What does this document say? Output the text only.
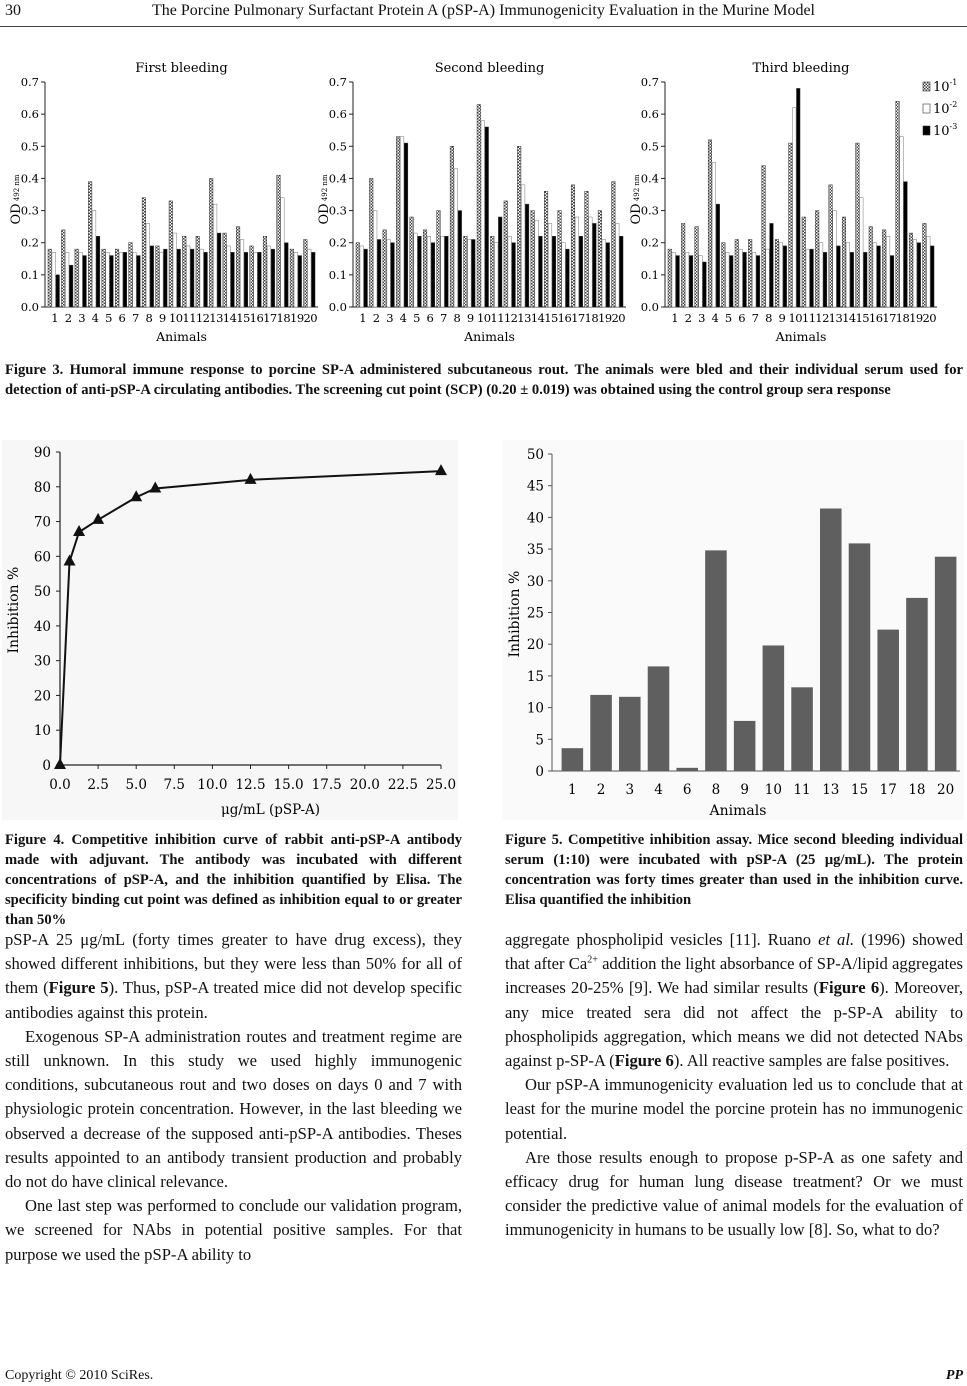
30	The Porcine Pulmonary Surfactant Protein A (pSP-A) Immunogenicity Evaluation in the Murine Model
First bleeding
0.0
0.1
0.2
0.3
0.4
0.5
0.6
0.7
OD 492 nm
1 2 3 4 5 6 7 8 9 10 11 12 13 14 15 16 17 18 19 20
Animals
Second bleeding
0.0
0.1
0.2
0.3
0.4
0.5
0.6
0.7
OD 492 nm
1 2 3 4 5 6 7 8 9 10 11 12 13 14 15 16 17 18 19 20
Animals
Third bleeding
0.0
0.1
0.2
0.3
0.4
0.5
0.6
0.7
OD 492 nm
1 2 3 4 5 6 7 8 9 10 11 12 13 14 15 16 17 18 19 20
Animals
$10^{-1}$
$10^{-2}$
$10^{-3}$
Figure 3. Humoral immune response to porcine SP-A administered subcutaneous rout. The animals were bled and their individual serum used for detection of anti-pSP-A circulating antibodies. The screening cut point (SCP) (0.20 ± 0.019) was obtained using the control group sera response
0
10
20
30
40
50
60
70
80
90
0.0 2.5 5.0 7.5 10.0 12.5 15.0 17.5 20.0 22.5 25.0
μg/mL (pSP-A)
Inhibition %
Figure 4. Competitive inhibition curve of rabbit anti-pSP-A antibody made with adjuvant. The antibody was incubated with different concentrations of pSP-A, and the inhibition quantified by Elisa. The specificity binding cut point was defined as inhibition equal to or greater than 50%
0
5
10
15
20
25
30
35
40
45
50
1 2 3 4 6 8 9 10 11 13 15 17 18 20
Animals
Inhibition %
Figure 5. Competitive inhibition assay. Mice second bleeding individual serum (1:10) were incubated with pSP-A (25 μg/mL). The protein concentration was forty times greater than used in the inhibition curve. Elisa quantified the inhibition

pSP-A 25 μg/mL (forty times greater to have drug excess), they showed different inhibitions, but they were less than 50% for all of them (Figure 5). Thus, pSP-A treated mice did not develop specific antibodies against this protein.

Exogenous SP-A administration routes and treatment regime are still unknown. In this study we used highly immunogenic conditions, subcutaneous rout and two doses on days 0 and 7 with physiologic protein concentration. However, in the last bleeding we observed a decrease of the supposed anti-pSP-A antibodies. Theses results appointed to an antibody transient production and probably do not do have clinical relevance.

One last step was performed to conclude our validation program, we screened for NAbs in potential positive samples. For that purpose we used the pSP-A ability to

aggregate phospholipid vesicles [11]. Ruano et al. (1996) showed that after $Ca^{2+}$ addition the light absorbance of SP-A/lipid aggregates increases 20-25% [9]. We had similar results (Figure 6). Moreover, any mice treated sera did not affect the p-SP-A ability to phospholipids aggregation, which means we did not detected NAbs against p-SP-A (Figure 6). All reactive samples are false positives.

Our pSP-A immunogenicity evaluation led us to conclude that at least for the murine model the porcine protein has no immunogenic potential.

Are those results enough to propose p-SP-A as one safety and efficacy drug for human lung disease treatment? Or we must consider the predictive value of animal models for the evaluation of immunogenicity in humans to be usually low [8]. So, what to do?

Copyright © 2010 SciRes.	PP
